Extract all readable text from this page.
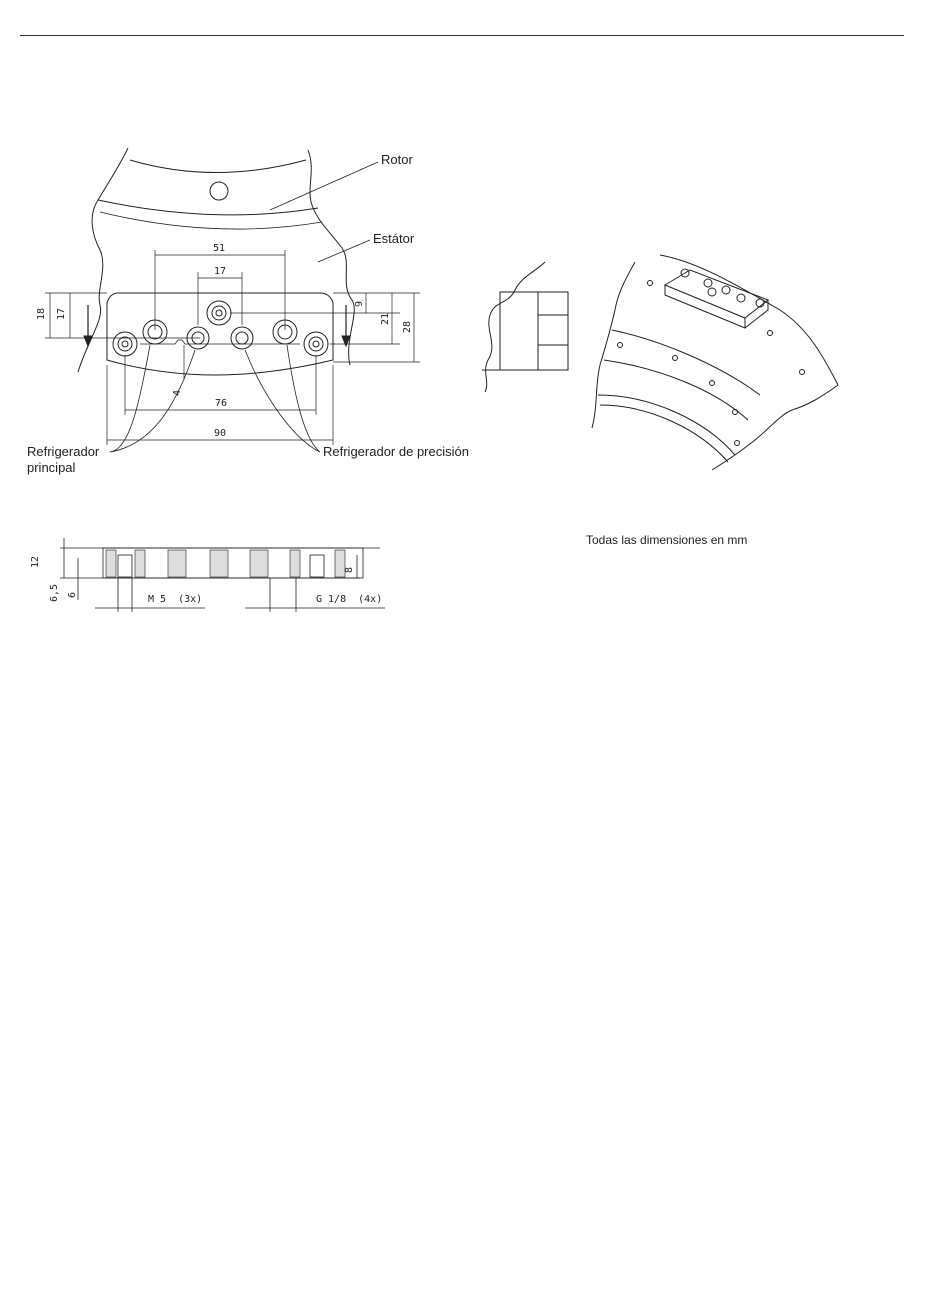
Rotor
Estátor
Refrigerador
principal
Refrigerador de precisión
51
17
76
90
18 17
9
21
28
4
12
6,5 6
8
M 5  (3x)	G 1/8  (4x)
Todas las dimensiones en mm
